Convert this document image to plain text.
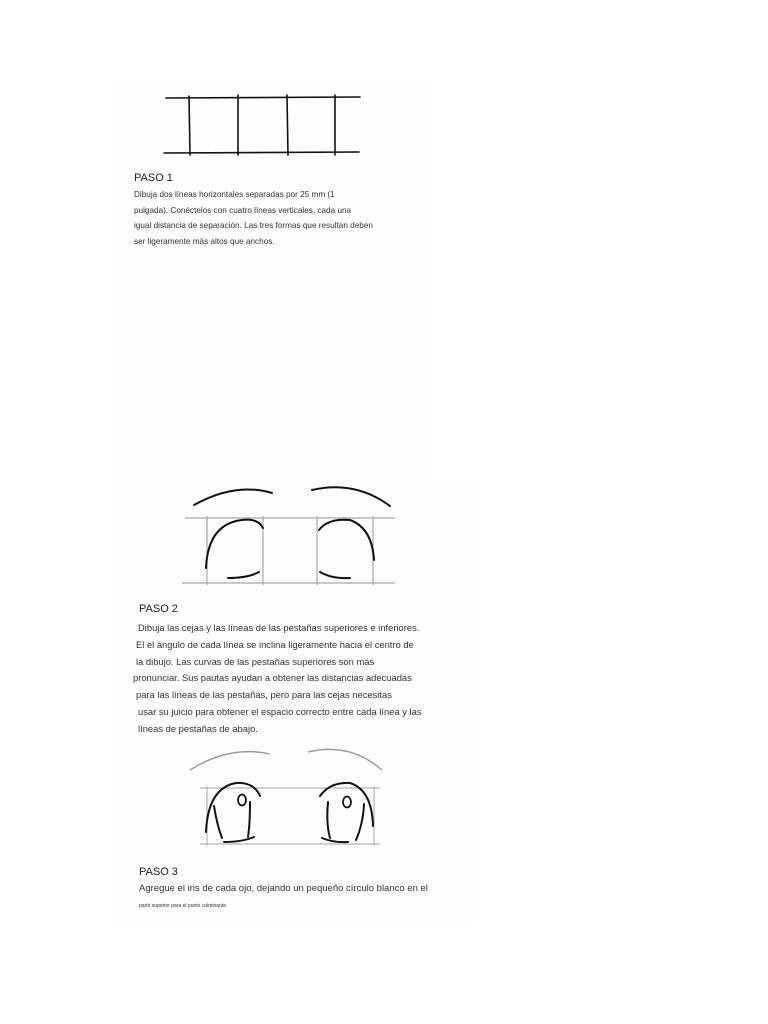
PASO 1

Dibuja dos líneas horizontales separadas por 25 mm (1
pulgada). Conéctelos con cuatro líneas verticales, cada una
igual distancia de separación. Las tres formas que resultan deben
ser ligeramente más altos que anchos.

PASO 2

Dibuja las cejas y las líneas de las pestañas superiores e inferiores.
El el ángulo de cada línea se inclina ligeramente hacia el centro de
la dibujo. Las curvas de las pestañas superiores son más
pronunciar. Sus pautas ayudan a obtener las distancias adecuadas
para las líneas de las pestañas, pero para las cejas necesitas
usar su juicio para obtener el espacio correcto entre cada línea y las
líneas de pestañas de abajo.

PASO 3

Agregue el iris de cada ojo, dejando un pequeño círculo blanco en el

parte superior para el punto culminante.
